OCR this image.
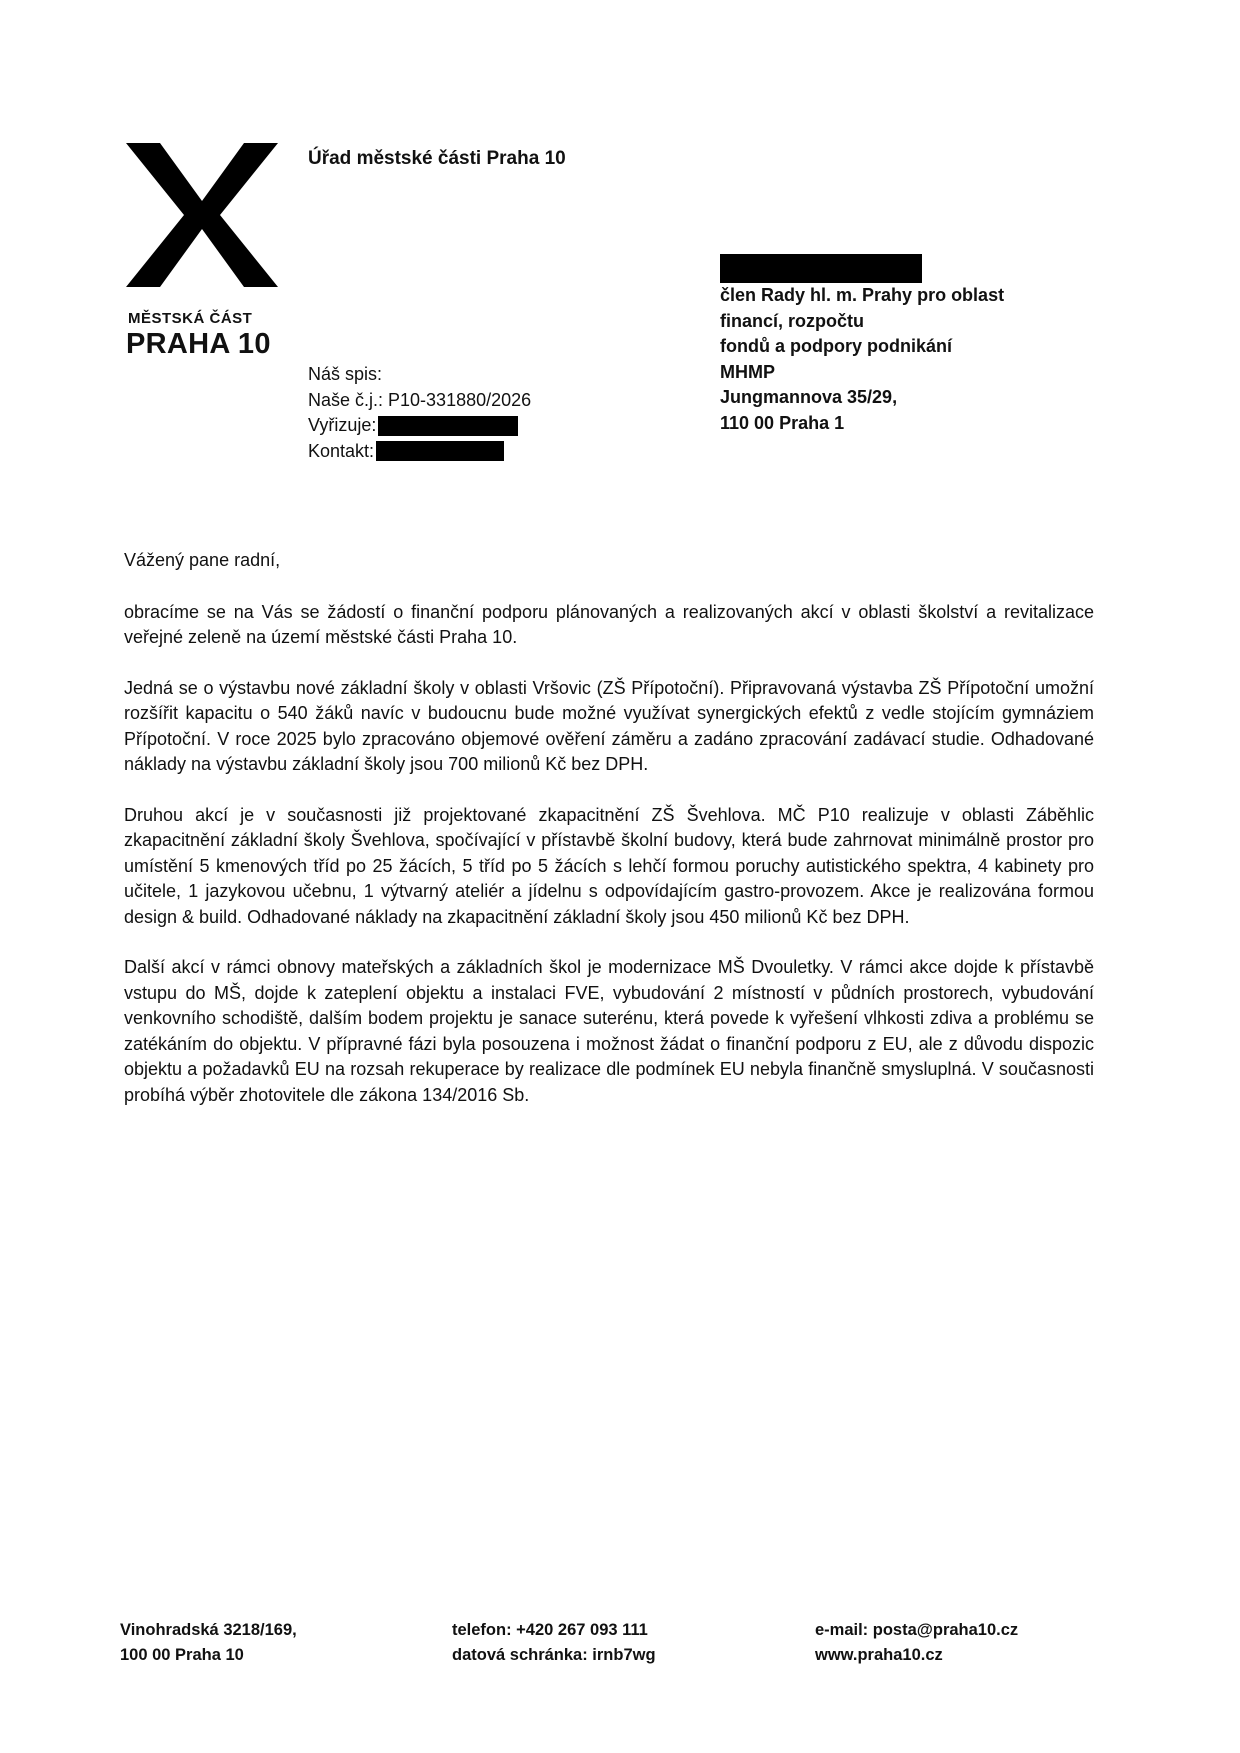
MĚSTSKÁ ČÁST
PRAHA 10
Úřad městské části Praha 10
Náš spis:
Naše č.j.: P10-331880/2026
Vyřizuje:
Kontakt:
člen Rady hl. m. Prahy pro oblast
financí, rozpočtu
fondů a podpory podnikání
MHMP
Jungmannova 35/29,
110 00 Praha 1

Vážený pane radní,

obracíme se na Vás se žádostí o finanční podporu plánovaných a realizovaných akcí v oblasti školství a revitalizace veřejné zeleně na území městské části Praha 10.

Jedná se o výstavbu nové základní školy v oblasti Vršovic (ZŠ Přípotoční). Připravovaná výstavba ZŠ Přípotoční umožní rozšířit kapacitu o 540 žáků navíc v budoucnu bude možné využívat synergických efektů z vedle stojícím gymnáziem Přípotoční. V roce 2025 bylo zpracováno objemové ověření záměru a zadáno zpracování zadávací studie. Odhadované náklady na výstavbu základní školy jsou 700 milionů Kč bez DPH.

Druhou akcí je v současnosti již projektované zkapacitnění ZŠ Švehlova. MČ P10 realizuje v oblasti Záběhlic zkapacitnění základní školy Švehlova, spočívající v přístavbě školní budovy, která bude zahrnovat minimálně prostor pro umístění 5 kmenových tříd po 25 žácích, 5 tříd po 5 žácích s lehčí formou poruchy autistického spektra, 4 kabinety pro učitele, 1 jazykovou učebnu, 1 výtvarný ateliér a jídelnu s odpovídajícím gastro-provozem. Akce je realizována formou design & build. Odhadované náklady na zkapacitnění základní školy jsou 450 milionů Kč bez DPH.

Další akcí v rámci obnovy mateřských a základních škol je modernizace MŠ Dvouletky. V rámci akce dojde k přístavbě vstupu do MŠ, dojde k zateplení objektu a instalaci FVE, vybudování 2 místností v půdních prostorech, vybudování venkovního schodiště, dalším bodem projektu je sanace suterénu, která povede k vyřešení vlhkosti zdiva a problému se zatékáním do objektu. V přípravné fázi byla posouzena i možnost žádat o finanční podporu z EU, ale z důvodu dispozic objektu a požadavků EU na rozsah rekuperace by realizace dle podmínek EU nebyla finančně smysluplná. V současnosti probíhá výběr zhotovitele dle zákona 134/2016 Sb.

Vinohradská 3218/169,
100 00 Praha 10
telefon: +420 267 093 111
datová schránka: irnb7wg
e-mail: posta@praha10.cz
www.praha10.cz
